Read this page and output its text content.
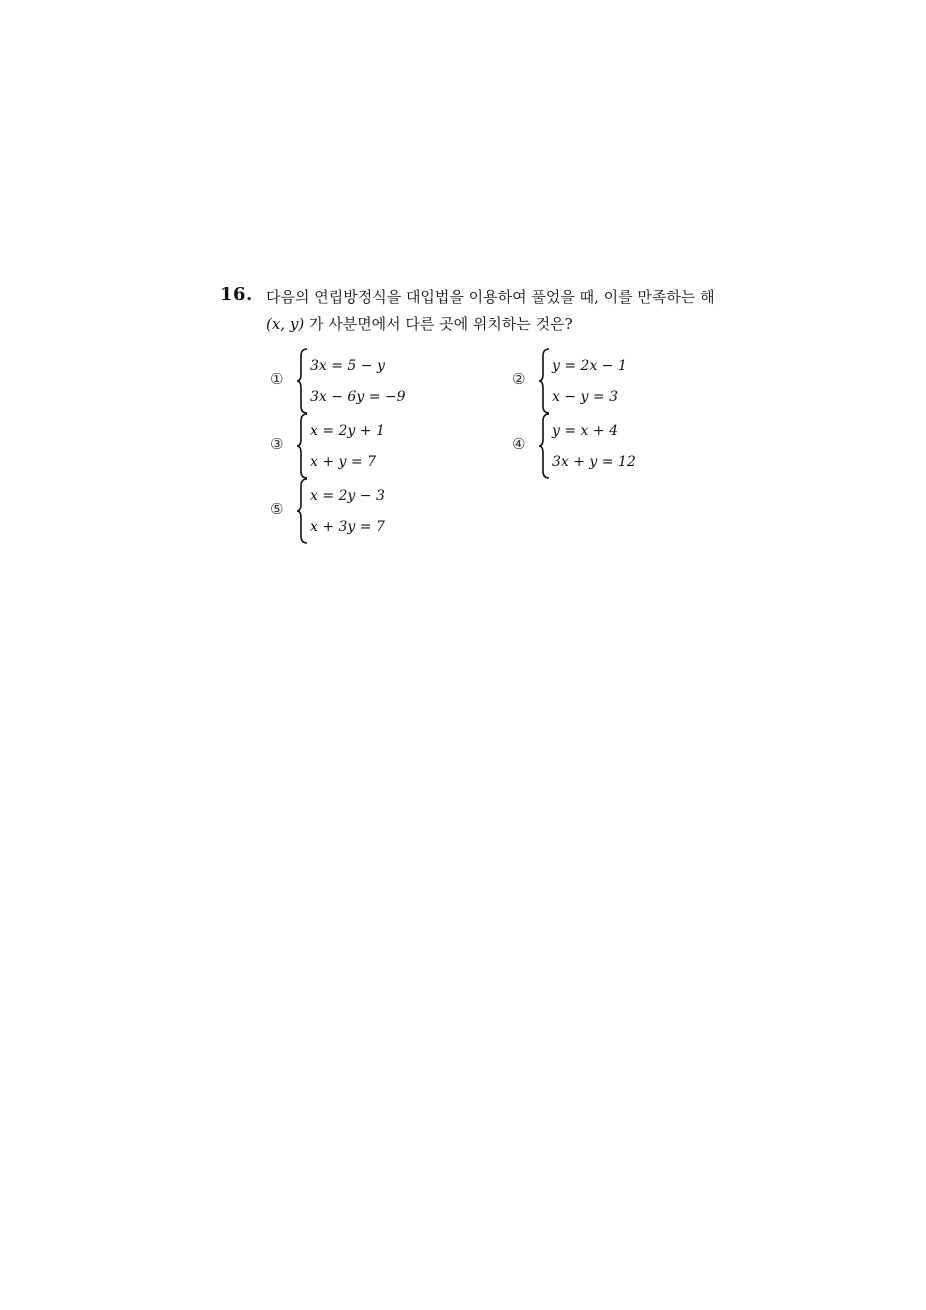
16. 다음의 연립방정식을 대입법을 이용하여 풀었을 때, 이를 만족하는 해
(x, y) 가 사분면에서 다른 곳에 위치하는 것은?
①
3x = 5 − y
3x − 6y = −9
②
y = 2x − 1
x − y = 3
③
x = 2y + 1
x + y = 7
④
y = x + 4
3x + y = 12
⑤
x = 2y − 3
x + 3y = 7
